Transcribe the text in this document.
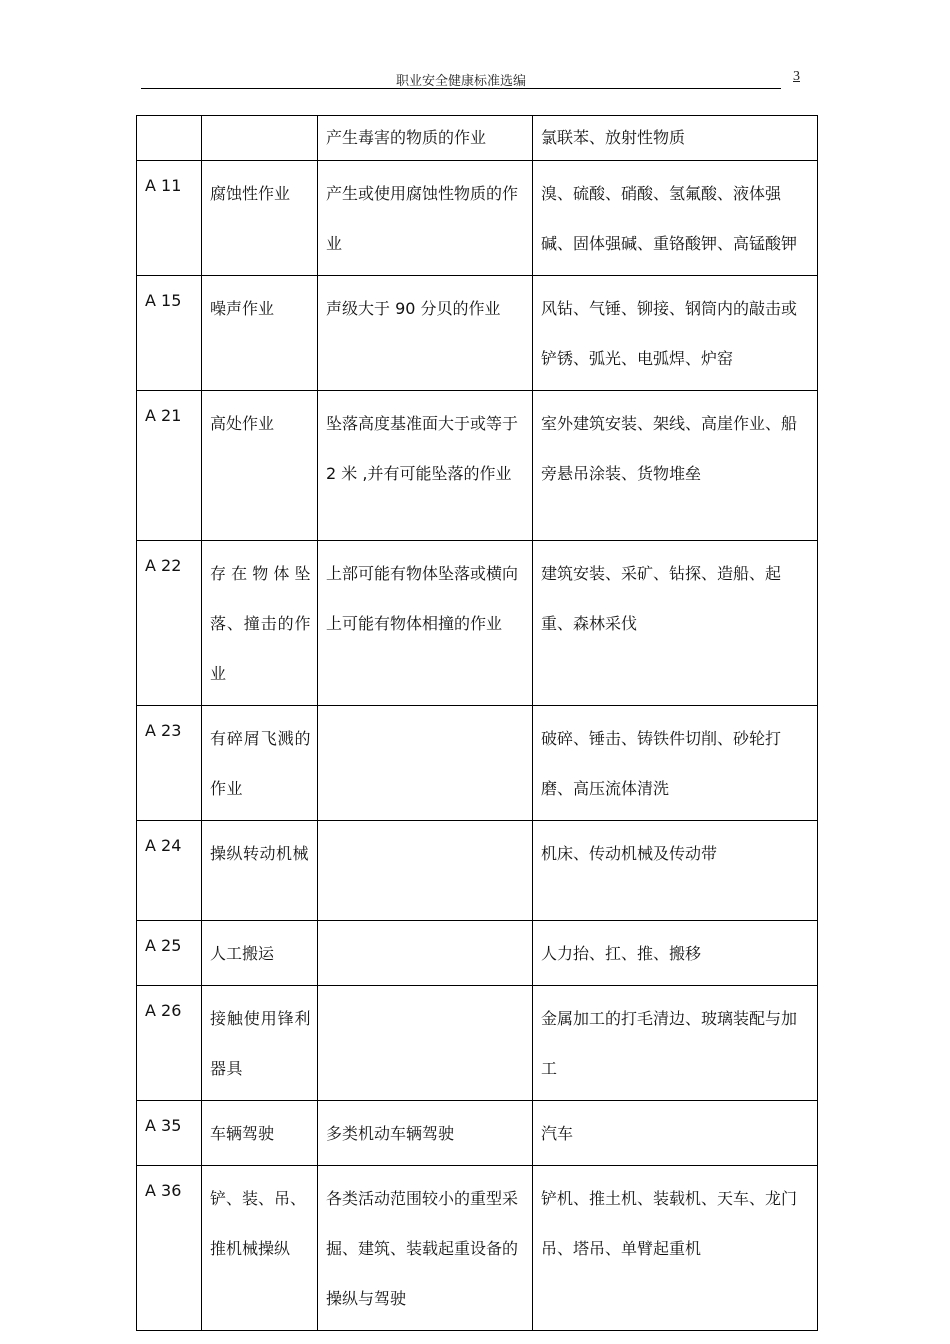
职业安全健康标准选编	3
		产生毒害的物质的作业	氯联苯、放射性物质
A 11	腐蚀性作业	产生或使用腐蚀性物质的作业	溴、硫酸、硝酸、氢氟酸、液体强碱、固体强碱、重铬酸钾、高锰酸钾
A 15	噪声作业	声级大于 90 分贝的作业	风钻、气锤、铆接、钢筒内的敲击或铲锈、弧光、电弧焊、炉窑
A 21	高处作业	坠落高度基准面大于或等于 2 米 ,并有可能坠落的作业	室外建筑安装、架线、高崖作业、船旁悬吊涂装、货物堆垒
A 22	存在物体坠落、撞击的作业	上部可能有物体坠落或横向上可能有物体相撞的作业	建筑安装、采矿、钻探、造船、起重、森林采伐
A 23	有碎屑飞溅的作业		破碎、锤击、铸铁件切削、砂轮打磨、高压流体清洗
A 24	操纵转动机械		机床、传动机械及传动带
A 25	人工搬运		人力抬、扛、推、搬移
A 26	接触使用锋利器具		金属加工的打毛清边、玻璃装配与加工
A 35	车辆驾驶	多类机动车辆驾驶	汽车
A 36	铲、装、吊、推机械操纵	各类活动范围较小的重型采掘、建筑、装载起重设备的操纵与驾驶	铲机、推土机、装载机、天车、龙门吊、塔吊、单臂起重机
